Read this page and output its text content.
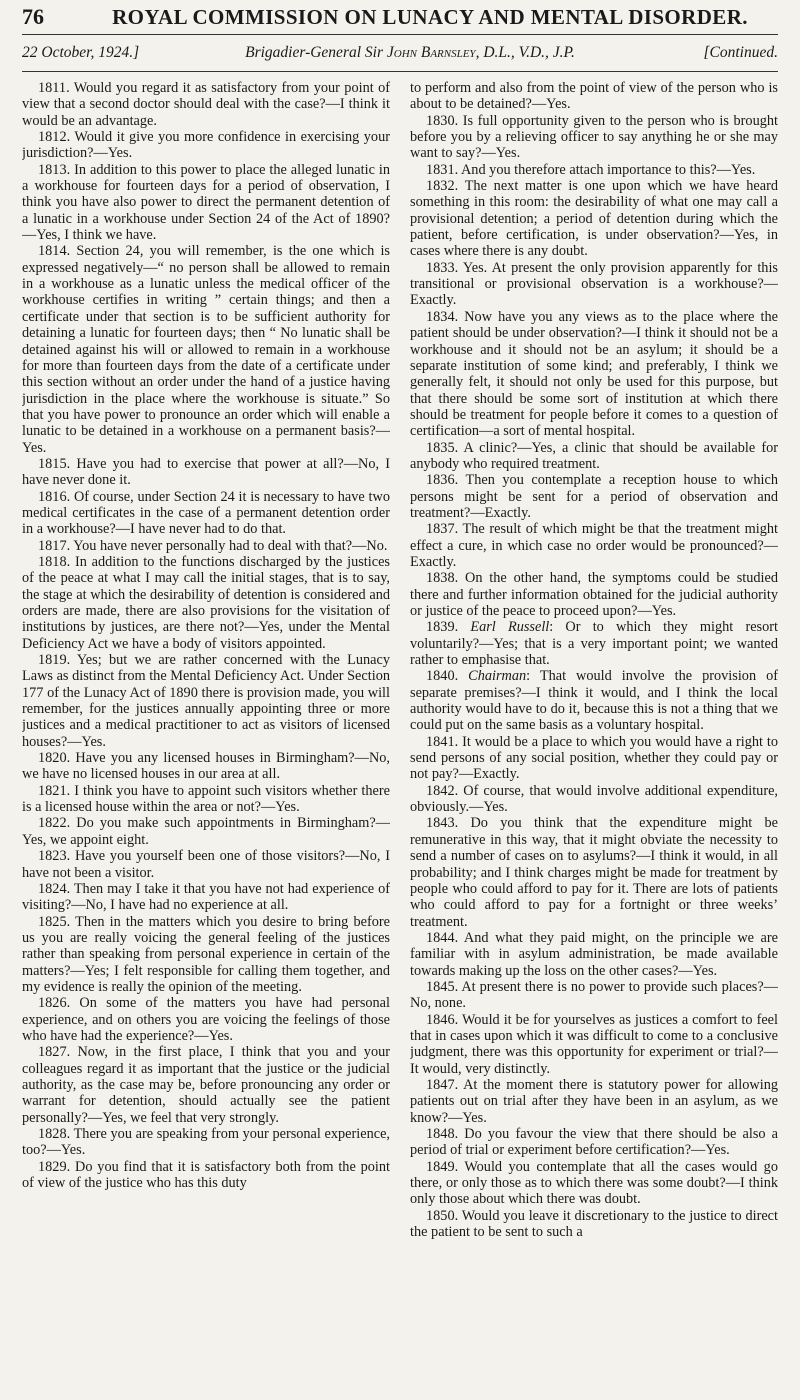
76	ROYAL COMMISSION ON LUNACY AND MENTAL DISORDER.
22 October, 1924.]	Brigadier-General Sir John Barnsley, D.L., V.D., J.P.	[Continued.

1811. Would you regard it as satisfactory from your point of view that a second doctor should deal with the case?—I think it would be an advantage.

1812. Would it give you more confidence in exercising your jurisdiction?—Yes.

1813. In addition to this power to place the alleged lunatic in a workhouse for fourteen days for a period of observation, I think you have also power to direct the permanent detention of a lunatic in a workhouse under Section 24 of the Act of 1890?—Yes, I think we have.

1814. Section 24, you will remember, is the one which is expressed negatively—“ no person shall be allowed to remain in a workhouse as a lunatic unless the medical officer of the workhouse certifies in writing ” certain things; and then a certificate under that section is to be sufficient authority for detaining a lunatic for fourteen days; then “ No lunatic shall be detained against his will or allowed to remain in a workhouse for more than fourteen days from the date of a certificate under this section without an order under the hand of a justice having jurisdiction in the place where the workhouse is situate.” So that you have power to pronounce an order which will enable a lunatic to be detained in a workhouse on a permanent basis?—Yes.

1815. Have you had to exercise that power at all?—No, I have never done it.

1816. Of course, under Section 24 it is necessary to have two medical certificates in the case of a permanent detention order in a workhouse?—I have never had to do that.

1817. You have never personally had to deal with that?—No.

1818. In addition to the functions discharged by the justices of the peace at what I may call the initial stages, that is to say, the stage at which the desirability of detention is considered and orders are made, there are also provisions for the visitation of institutions by justices, are there not?—Yes, under the Mental Deficiency Act we have a body of visitors appointed.

1819. Yes; but we are rather concerned with the Lunacy Laws as distinct from the Mental Deficiency Act. Under Section 177 of the Lunacy Act of 1890 there is provision made, you will remember, for the justices annually appointing three or more justices and a medical practitioner to act as visitors of licensed houses?—Yes.

1820. Have you any licensed houses in Birmingham?—No, we have no licensed houses in our area at all.

1821. I think you have to appoint such visitors whether there is a licensed house within the area or not?—Yes.

1822. Do you make such appointments in Birmingham?—Yes, we appoint eight.

1823. Have you yourself been one of those visitors?—No, I have not been a visitor.

1824. Then may I take it that you have not had experience of visiting?—No, I have had no experience at all.

1825. Then in the matters which you desire to bring before us you are really voicing the general feeling of the justices rather than speaking from personal experience in certain of the matters?—Yes; I felt responsible for calling them together, and my evidence is really the opinion of the meeting.

1826. On some of the matters you have had personal experience, and on others you are voicing the feelings of those who have had the experience?—Yes.

1827. Now, in the first place, I think that you and your colleagues regard it as important that the justice or the judicial authority, as the case may be, before pronouncing any order or warrant for detention, should actually see the patient personally?—Yes, we feel that very strongly.

1828. There you are speaking from your personal experience, too?—Yes.

1829. Do you find that it is satisfactory both from the point of view of the justice who has this duty

to perform and also from the point of view of the person who is about to be detained?—Yes.

1830. Is full opportunity given to the person who is brought before you by a relieving officer to say anything he or she may want to say?—Yes.

1831. And you therefore attach importance to this?—Yes.

1832. The next matter is one upon which we have heard something in this room: the desirability of what one may call a provisional detention; a period of detention during which the patient, before certification, is under observation?—Yes, in cases where there is any doubt.

1833. Yes. At present the only provision apparently for this transitional or provisional observation is a workhouse?—Exactly.

1834. Now have you any views as to the place where the patient should be under observation?—I think it should not be a workhouse and it should not be an asylum; it should be a separate institution of some kind; and preferably, I think we generally felt, it should not only be used for this purpose, but that there should be some sort of institution at which there should be treatment for people before it comes to a question of certification—a sort of mental hospital.

1835. A clinic?—Yes, a clinic that should be available for anybody who required treatment.

1836. Then you contemplate a reception house to which persons might be sent for a period of observation and treatment?—Exactly.

1837. The result of which might be that the treatment might effect a cure, in which case no order would be pronounced?—Exactly.

1838. On the other hand, the symptoms could be studied there and further information obtained for the judicial authority or justice of the peace to proceed upon?—Yes.

1839. Earl Russell: Or to which they might resort voluntarily?—Yes; that is a very important point; we wanted rather to emphasise that.

1840. Chairman: That would involve the provision of separate premises?—I think it would, and I think the local authority would have to do it, because this is not a thing that we could put on the same basis as a voluntary hospital.

1841. It would be a place to which you would have a right to send persons of any social position, whether they could pay or not pay?—Exactly.

1842. Of course, that would involve additional expenditure, obviously.—Yes.

1843. Do you think that the expenditure might be remunerative in this way, that it might obviate the necessity to send a number of cases on to asylums?—I think it would, in all probability; and I think charges might be made for treatment by people who could afford to pay for it. There are lots of patients who could afford to pay for a fortnight or three weeks’ treatment.

1844. And what they paid might, on the principle we are familiar with in asylum administration, be made available towards making up the loss on the other cases?—Yes.

1845. At present there is no power to provide such places?—No, none.

1846. Would it be for yourselves as justices a comfort to feel that in cases upon which it was difficult to come to a conclusive judgment, there was this opportunity for experiment or trial?—It would, very distinctly.

1847. At the moment there is statutory power for allowing patients out on trial after they have been in an asylum, as we know?—Yes.

1848. Do you favour the view that there should be also a period of trial or experiment before certification?—Yes.

1849. Would you contemplate that all the cases would go there, or only those as to which there was some doubt?—I think only those about which there was doubt.

1850. Would you leave it discretionary to the justice to direct the patient to be sent to such a
